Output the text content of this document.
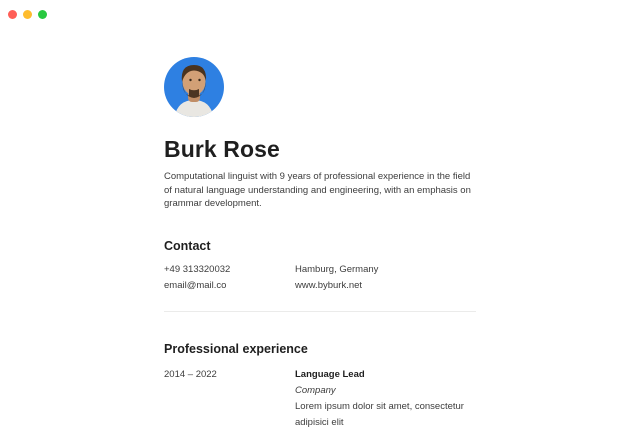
Burk Rose

Computational linguist with 9 years of professional experience in the field of natural language understanding and engineering, with an emphasis on grammar development.

Contact
+49 313320032	Hamburg, Germany
email@mail.co	www.byburk.net
Professional experience
2014 – 2022	Language Lead
Company
Lorem ipsum dolor sit amet, consectetur adipisici elit
